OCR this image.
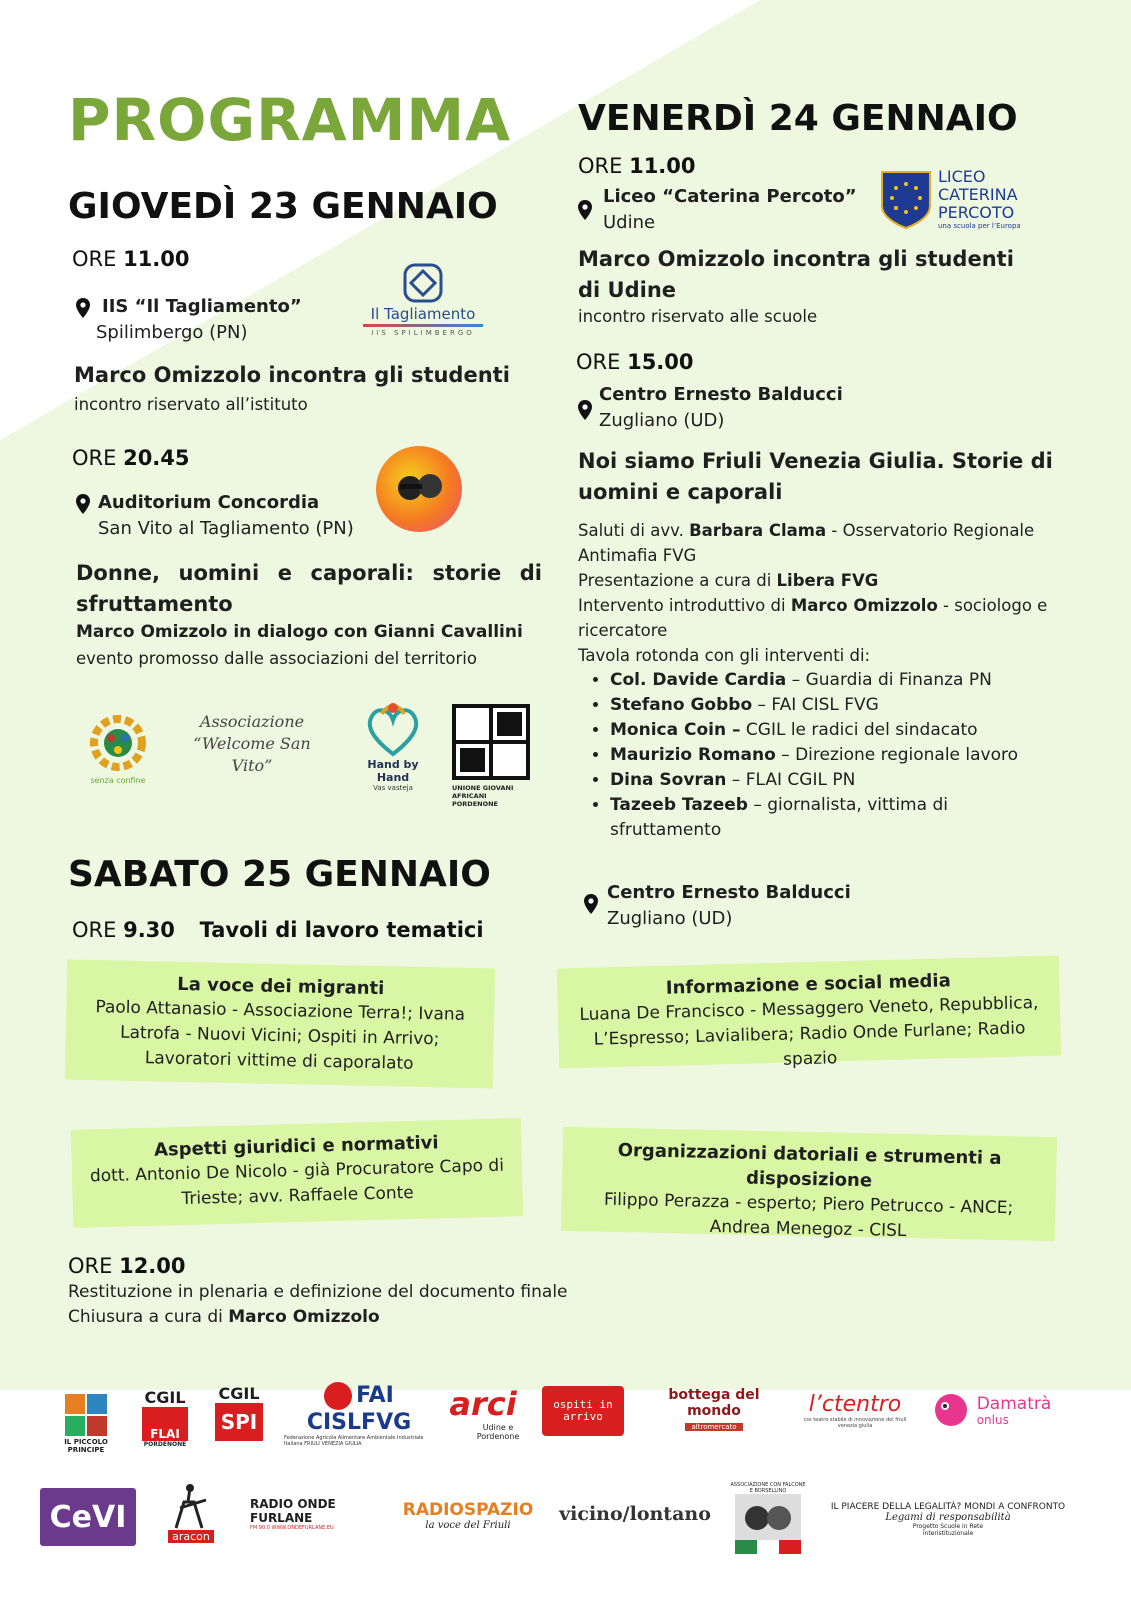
PROGRAMMA
GIOVEDÌ 23 GENNAIO
ORE 11.00
IIS “Il Tagliamento”
Spilimbergo (PN)
Il Tagliamento
IIS SPILIMBERGO
Marco Omizzolo incontra gli studenti
incontro riservato all’istituto
ORE 20.45
Auditorium Concordia
San Vito al Tagliamento (PN)
Donne, uomini e caporali: storie di sfruttamento
Marco Omizzolo in dialogo con Gianni Cavallini
evento promosso dalle associazioni del territorio
senza confine
Associazione “Welcome San Vito”	Hand by Hand
Vas vasteja	UNIONE GIOVANI AFRICANI PORDENONE
VENERDÌ 24 GENNAIO
ORE 11.00
Liceo “Caterina Percoto”
Udine
LICEO
CATERINA
PERCOTO
una scuola per l’Europa
Marco Omizzolo incontra gli studenti di Udine
incontro riservato alle scuole
ORE 15.00
Centro Ernesto Balducci
Zugliano (UD)
Noi siamo Friuli Venezia Giulia. Storie di uomini e caporali
Saluti di avv. Barbara Clama - Osservatorio Regionale Antimafia FVG
Presentazione a cura di Libera FVG
Intervento introduttivo di Marco Omizzolo - sociologo e ricercatore
Tavola rotonda con gli interventi di:
• Col. Davide Cardia – Guardia di Finanza PN
• Stefano Gobbo – FAI CISL FVG
• Monica Coin – CGIL le radici del sindacato
• Maurizio Romano – Direzione regionale lavoro
• Dina Sovran – FLAI CGIL PN
• Tazeeb Tazeeb – giornalista, vittima di sfruttamento
SABATO 25 GENNAIO
ORE 9.30 Tavoli di lavoro tematici
Centro Ernesto Balducci
Zugliano (UD)
La voce dei migranti
Paolo Attanasio - Associazione Terra!; Ivana Latrofa - Nuovi Vicini; Ospiti in Arrivo; Lavoratori vittime di caporalato
Informazione e social media
Luana De Francisco - Messaggero Veneto, Repubblica, L’Espresso; Lavialibera; Radio Onde Furlane; Radio spazio
Aspetti giuridici e normativi
dott. Antonio De Nicolo - già Procuratore Capo di Trieste; avv. Raffaele Conte
Organizzazioni datoriali e strumenti a disposizione
Filippo Perazza - esperto; Piero Petrucco - ANCE; Andrea Menegoz - CISL
ORE 12.00
Restituzione in plenaria e definizione del documento finale
Chiusura a cura di Marco Omizzolo
IL PICCOLO PRINCIPE
CGIL
FLAI
PORDENONE
CGIL
SPI
FAI CISLFVG
Federazione Agricola Alimentare Ambientale Industriale Italiana FRIULI VENEZIA GIULIA
arci
Udine e Pordenone
ospiti in arrivo
bottega del mondo
altromercato
l’ctentro
css teatro stabile di innovazione del friuli venezia giulia
Damatrà
onlus
CeVI
aracon
RADIO ONDE FURLANE
FM 90.0 WWW.ONDEFURLANE.EU
RADIOSPAZIO
la voce del Friuli	vicino/lontano
ASSOCIAZIONE CON FALCONE E BORSELLINO
IL PIACERE DELLA LEGALITÀ? MONDI A CONFRONTO
Legami di responsabilità
Progetto Scuole in Rete interistituzionale
